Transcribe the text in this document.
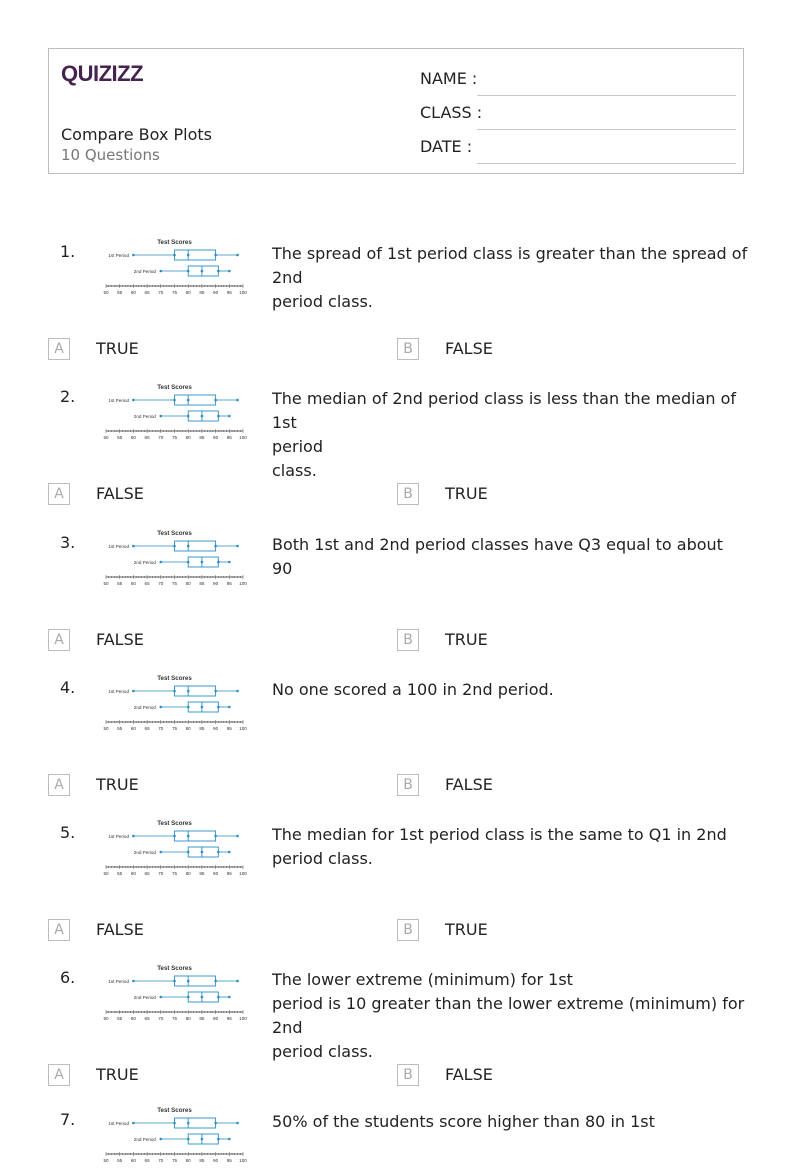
QUIZIZZ
Compare Box Plots
10 Questions
NAME :
CLASS :
DATE :
1.	Test Scores
1st Period
2nd Period
50 55 60 65 70 75 80 85 90 95 100
The spread of 1st period class is greater than the spread of 2nd
period class.
A	TRUE	B	FALSE
2.	Test Scores
1st Period
2nd Period
50 55 60 65 70 75 80 85 90 95 100
The median of 2nd period class is less than the median of 1st
period
class.
A	FALSE	B	TRUE
3.	Test Scores
1st Period
2nd Period
50 55 60 65 70 75 80 85 90 95 100
Both 1st and 2nd period classes have Q3 equal to about 90
A	FALSE	B	TRUE
4.	Test Scores
1st Period
2nd Period
50 55 60 65 70 75 80 85 90 95 100
No one scored a 100 in 2nd period.
A	TRUE	B	FALSE
5.	Test Scores
1st Period
2nd Period
50 55 60 65 70 75 80 85 90 95 100
The median for 1st period class is the same to Q1 in 2nd
period class.
A	FALSE	B	TRUE
6.	Test Scores
1st Period
2nd Period
50 55 60 65 70 75 80 85 90 95 100
The lower extreme (minimum) for 1st
period is 10 greater than the lower extreme (minimum) for 2nd
period class.
A	TRUE	B	FALSE
7.	Test Scores
1st Period
2nd Period
50 55 60 65 70 75 80 85 90 95 100
50% of the students score higher than 80 in 1st
